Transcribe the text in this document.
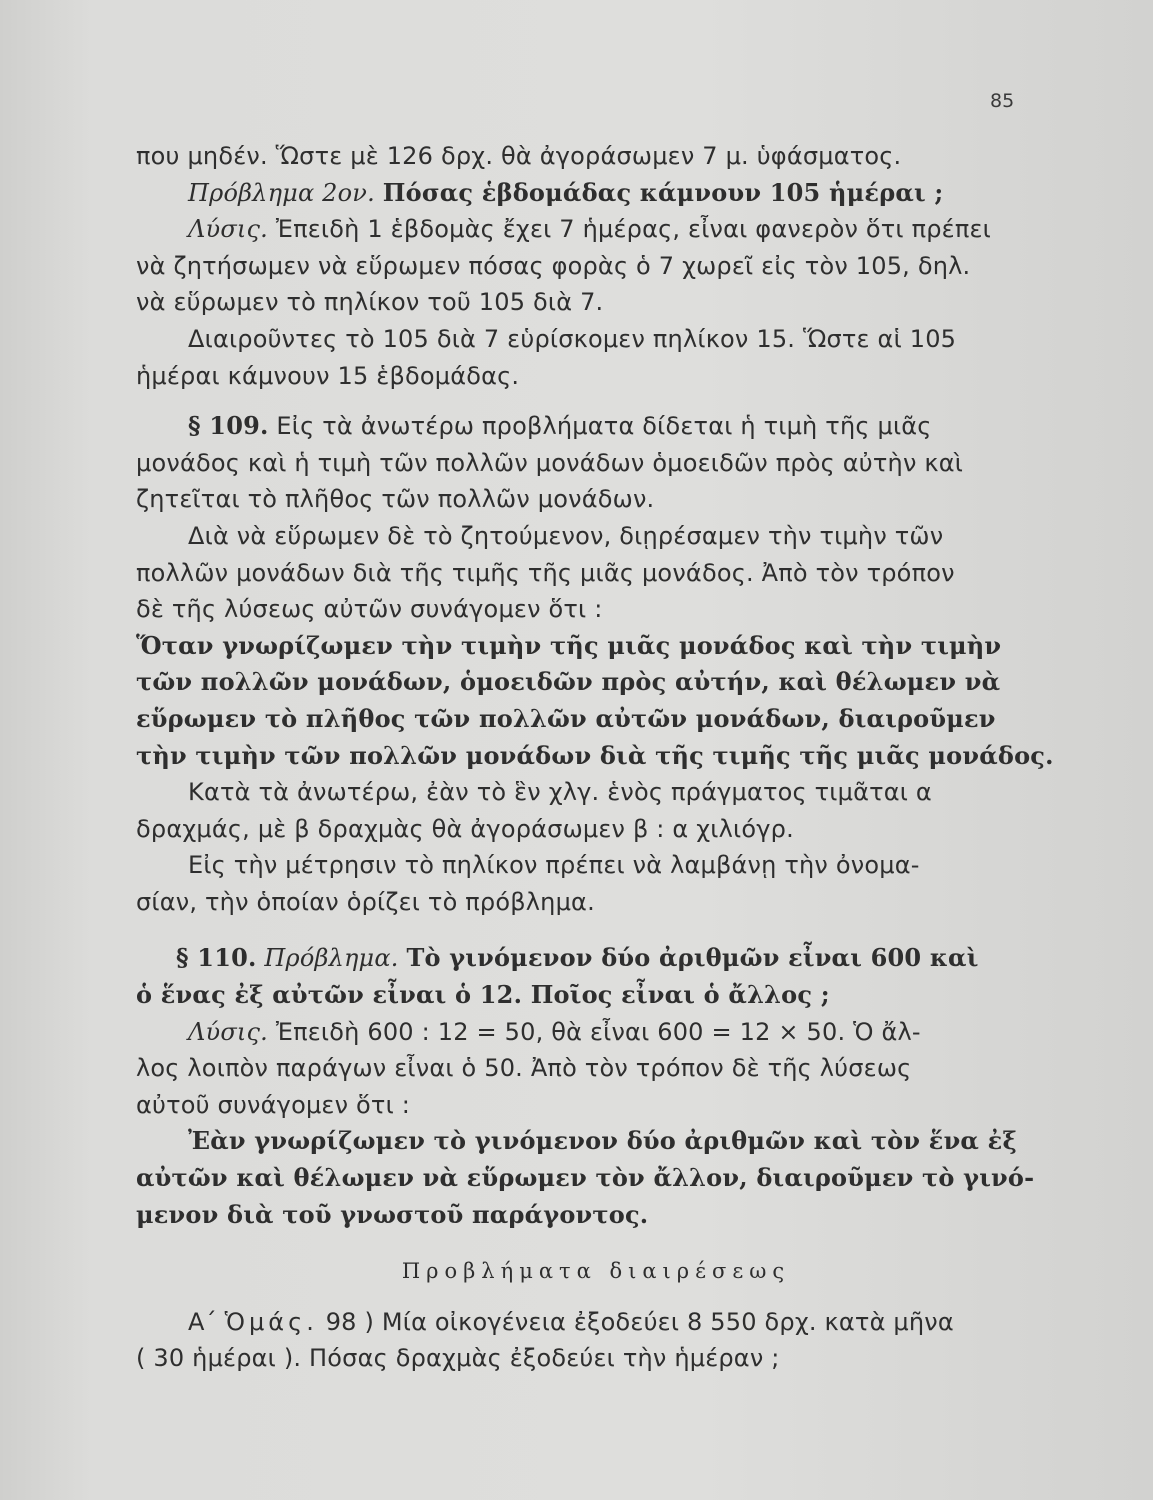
85
που μηδέν. Ὥστε μὲ 126 δρχ. θὰ ἀγοράσωμεν 7 μ. ὑφάσματος.
Πρόβλημα 2ον. Πόσας ἑβδομάδας κάμνουν 105 ἡμέραι ;
Λύσις. Ἐπειδὴ 1 ἑβδομὰς ἔχει 7 ἡμέρας, εἶναι φανερὸν ὅτι πρέπει
νὰ ζητήσωμεν νὰ εὕρωμεν πόσας φορὰς ὁ 7 χωρεῖ εἰς τὸν 105, δηλ.
νὰ εὕρωμεν τὸ πηλίκον τοῦ 105 διὰ 7.
Διαιροῦντες τὸ 105 διὰ 7 εὑρίσκομεν πηλίκον 15. Ὥστε αἱ 105
ἡμέραι κάμνουν 15 ἑβδομάδας.
§ 109. Εἰς τὰ ἀνωτέρω προβλήματα δίδεται ἡ τιμὴ τῆς μιᾶς
μονάδος καὶ ἡ τιμὴ τῶν πολλῶν μονάδων ὁμοειδῶν πρὸς αὐτὴν καὶ
ζητεῖται τὸ πλῆθος τῶν πολλῶν μονάδων.
Διὰ νὰ εὕρωμεν δὲ τὸ ζητούμενον, διῃρέσαμεν τὴν τιμὴν τῶν
πολλῶν μονάδων διὰ τῆς τιμῆς τῆς μιᾶς μονάδος. Ἀπὸ τὸν τρόπον
δὲ τῆς λύσεως αὐτῶν συνάγομεν ὅτι :
Ὅταν γνωρίζωμεν τὴν τιμὴν τῆς μιᾶς μονάδος καὶ τὴν τιμὴν
τῶν πολλῶν μονάδων, ὁμοειδῶν πρὸς αὐτήν, καὶ θέλωμεν νὰ
εὕρωμεν τὸ πλῆθος τῶν πολλῶν αὐτῶν μονάδων, διαιροῦμεν
τὴν τιμὴν τῶν πολλῶν μονάδων διὰ τῆς τιμῆς τῆς μιᾶς μονάδος.
Κατὰ τὰ ἀνωτέρω, ἐὰν τὸ ἓν χλγ. ἑνὸς πράγματος τιμᾶται α
δραχμάς, μὲ β δραχμὰς θὰ ἀγοράσωμεν β : α χιλιόγρ.
Εἰς τὴν μέτρησιν τὸ πηλίκον πρέπει νὰ λαμβάνῃ τὴν ὀνομα-
σίαν, τὴν ὁποίαν ὁρίζει τὸ πρόβλημα.
§ 110. Πρόβλημα. Τὸ γινόμενον δύο ἀριθμῶν εἶναι 600 καὶ
ὁ ἕνας ἐξ αὐτῶν εἶναι ὁ 12. Ποῖος εἶναι ὁ ἄλλος ;
Λύσις. Ἐπειδὴ 600 : 12 = 50, θὰ εἶναι 600 = 12 × 50. Ὁ ἄλ-
λος λοιπὸν παράγων εἶναι ὁ 50. Ἀπὸ τὸν τρόπον δὲ τῆς λύσεως
αὐτοῦ συνάγομεν ὅτι :
Ἐὰν γνωρίζωμεν τὸ γινόμενον δύο ἀριθμῶν καὶ τὸν ἕνα ἐξ
αὐτῶν καὶ θέλωμεν νὰ εὕρωμεν τὸν ἄλλον, διαιροῦμεν τὸ γινό-
μενον διὰ τοῦ γνωστοῦ παράγοντος.
Προβλήματα διαιρέσεως
Α΄ Ὁμάς. 98 ) Μία οἰκογένεια ἐξοδεύει 8 550 δρχ. κατὰ μῆνα
( 30 ἡμέραι ). Πόσας δραχμὰς ἐξοδεύει τὴν ἡμέραν ;
